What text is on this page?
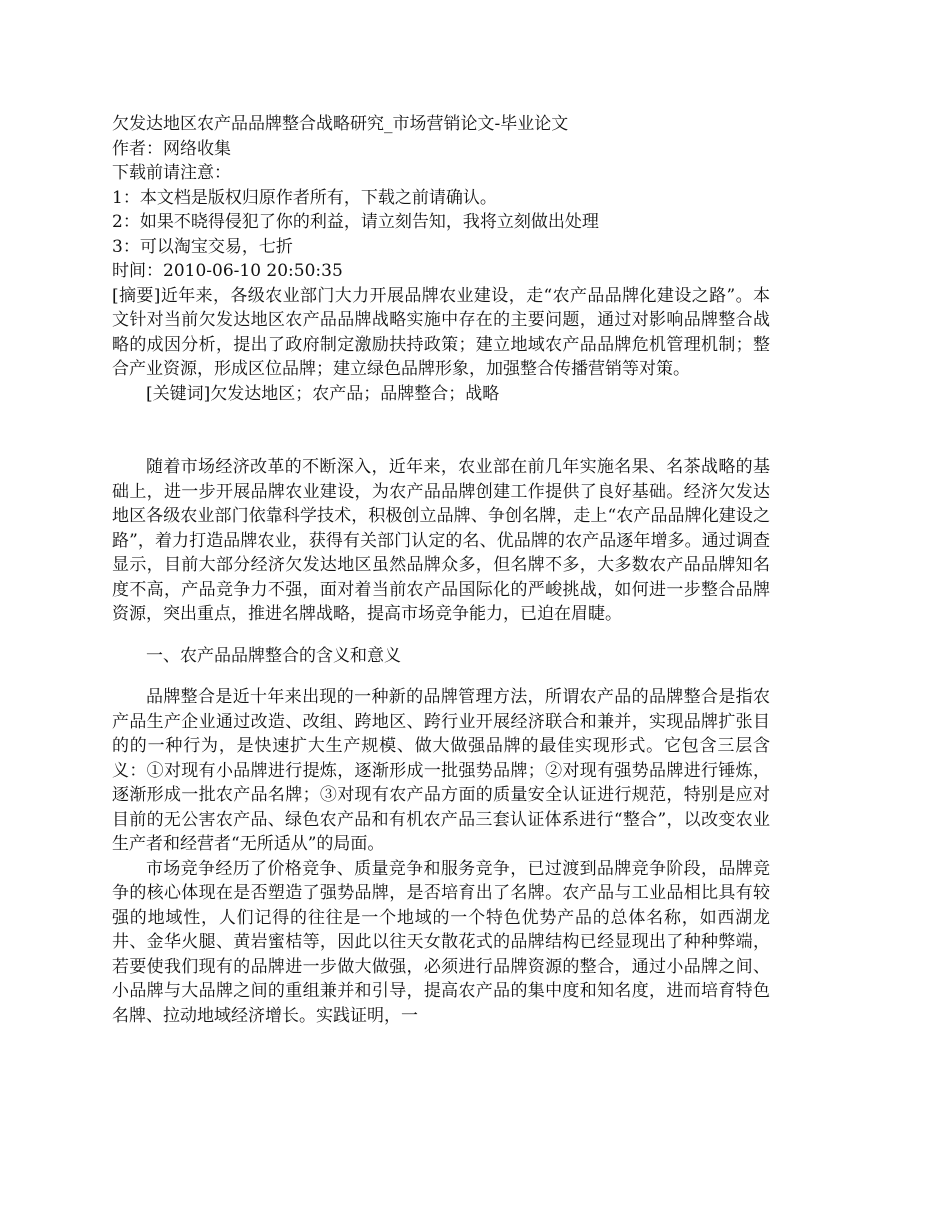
欠发达地区农产品品牌整合战略研究_市场营销论文-毕业论文
作者：网络收集
下载前请注意：
1：本文档是版权归原作者所有，下载之前请确认。
2：如果不晓得侵犯了你的利益，请立刻告知，我将立刻做出处理
3：可以淘宝交易，七折
时间：2010-06-10 20:50:35

[摘要]近年来，各级农业部门大力开展品牌农业建设，走“农产品品牌化建设之路”。本文针对当前欠发达地区农产品品牌战略实施中存在的主要问题，通过对影响品牌整合战略的成因分析，提出了政府制定激励扶持政策；建立地域农产品品牌危机管理机制；整合产业资源，形成区位品牌；建立绿色品牌形象，加强整合传播营销等对策。

[关键词]欠发达地区；农产品；品牌整合；战略

随着市场经济改革的不断深入，近年来，农业部在前几年实施名果、名茶战略的基础上，进一步开展品牌农业建设，为农产品品牌创建工作提供了良好基础。经济欠发达地区各级农业部门依靠科学技术，积极创立品牌、争创名牌，走上“农产品品牌化建设之路”，着力打造品牌农业，获得有关部门认定的名、优品牌的农产品逐年增多。通过调查显示，目前大部分经济欠发达地区虽然品牌众多，但名牌不多，大多数农产品品牌知名度不高，产品竞争力不强，面对着当前农产品国际化的严峻挑战，如何进一步整合品牌资源，突出重点，推进名牌战略，提高市场竞争能力，已迫在眉睫。

一、农产品品牌整合的含义和意义

品牌整合是近十年来出现的一种新的品牌管理方法，所谓农产品的品牌整合是指农产品生产企业通过改造、改组、跨地区、跨行业开展经济联合和兼并，实现品牌扩张目的的一种行为，是快速扩大生产规模、做大做强品牌的最佳实现形式。它包含三层含义：①对现有小品牌进行提炼，逐渐形成一批强势品牌；②对现有强势品牌进行锤炼，逐渐形成一批农产品名牌；③对现有农产品方面的质量安全认证进行规范，特别是应对目前的无公害农产品、绿色农产品和有机农产品三套认证体系进行“整合”，以改变农业生产者和经营者“无所适从”的局面。

市场竞争经历了价格竞争、质量竞争和服务竞争，已过渡到品牌竞争阶段，品牌竞争的核心体现在是否塑造了强势品牌，是否培育出了名牌。农产品与工业品相比具有较强的地域性，人们记得的往往是一个地域的一个特色优势产品的总体名称，如西湖龙井、金华火腿、黄岩蜜桔等，因此以往天女散花式的品牌结构已经显现出了种种弊端，若要使我们现有的品牌进一步做大做强，必须进行品牌资源的整合，通过小品牌之间、小品牌与大品牌之间的重组兼并和引导，提高农产品的集中度和知名度，进而培育特色名牌、拉动地域经济增长。实践证明，一
